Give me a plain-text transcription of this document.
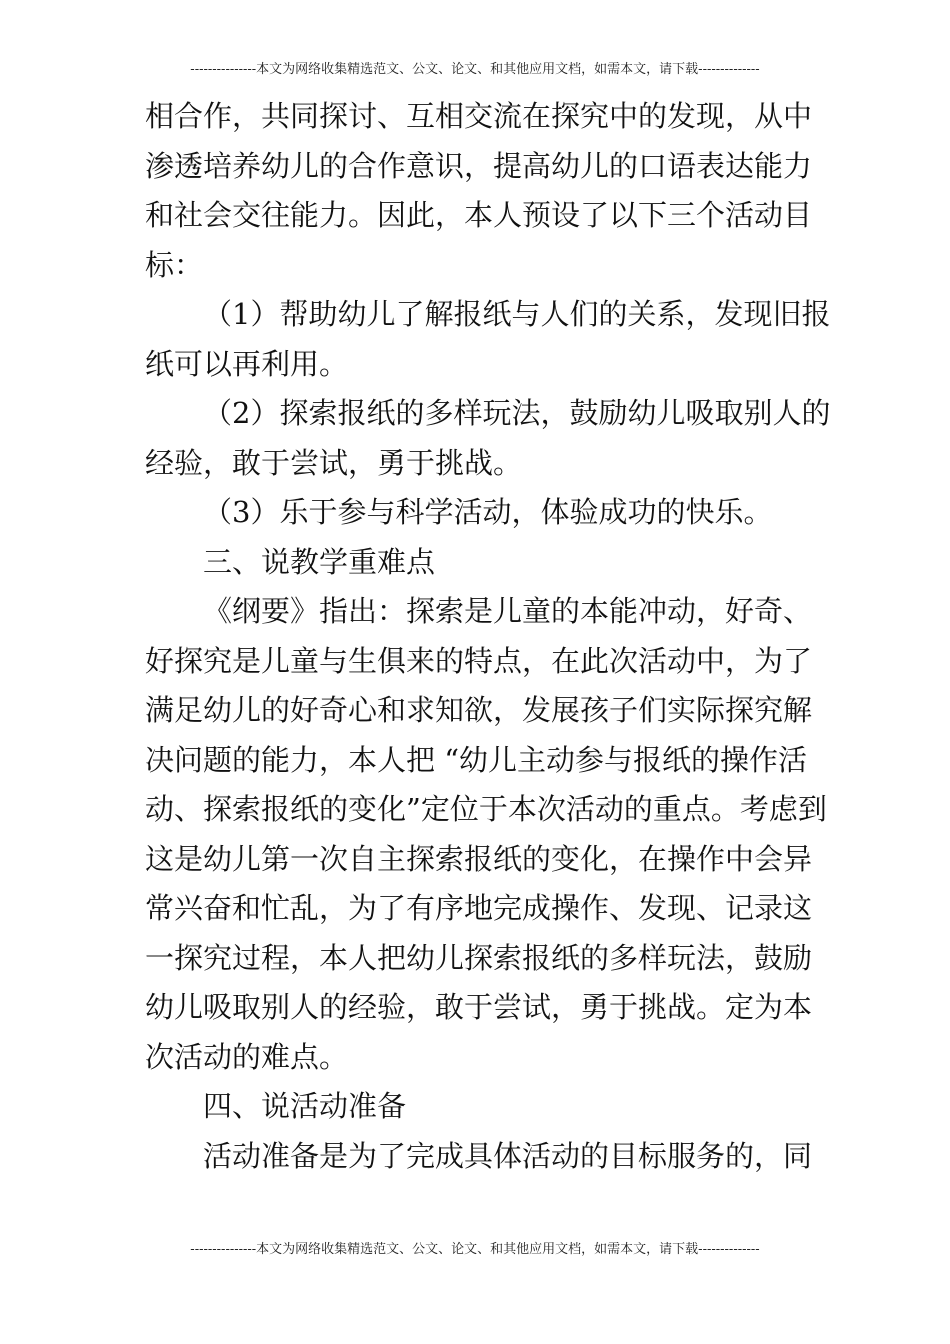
---------------本文为网络收集精选范文、公文、论文、和其他应用文档，如需本文，请下载--------------
相合作，共同探讨、互相交流在探究中的发现，从中
渗透培养幼儿的合作意识，提高幼儿的口语表达能力
和社会交往能力。因此，本人预设了以下三个活动目
标：
（1）帮助幼儿了解报纸与人们的关系，发现旧报
纸可以再利用。
（2）探索报纸的多样玩法，鼓励幼儿吸取别人的
经验，敢于尝试，勇于挑战。
（3）乐于参与科学活动，体验成功的快乐。
三、说教学重难点
《纲要》指出：探索是儿童的本能冲动，好奇、
好探究是儿童与生俱来的特点，在此次活动中，为了
满足幼儿的好奇心和求知欲，发展孩子们实际探究解
决问题的能力，本人把 “幼儿主动参与报纸的操作活
动、探索报纸的变化”定位于本次活动的重点。考虑到
这是幼儿第一次自主探索报纸的变化，在操作中会异
常兴奋和忙乱，为了有序地完成操作、发现、记录这
一探究过程，本人把幼儿探索报纸的多样玩法，鼓励
幼儿吸取别人的经验，敢于尝试，勇于挑战。定为本
次活动的难点。
四、说活动准备
活动准备是为了完成具体活动的目标服务的，同
---------------本文为网络收集精选范文、公文、论文、和其他应用文档，如需本文，请下载--------------
